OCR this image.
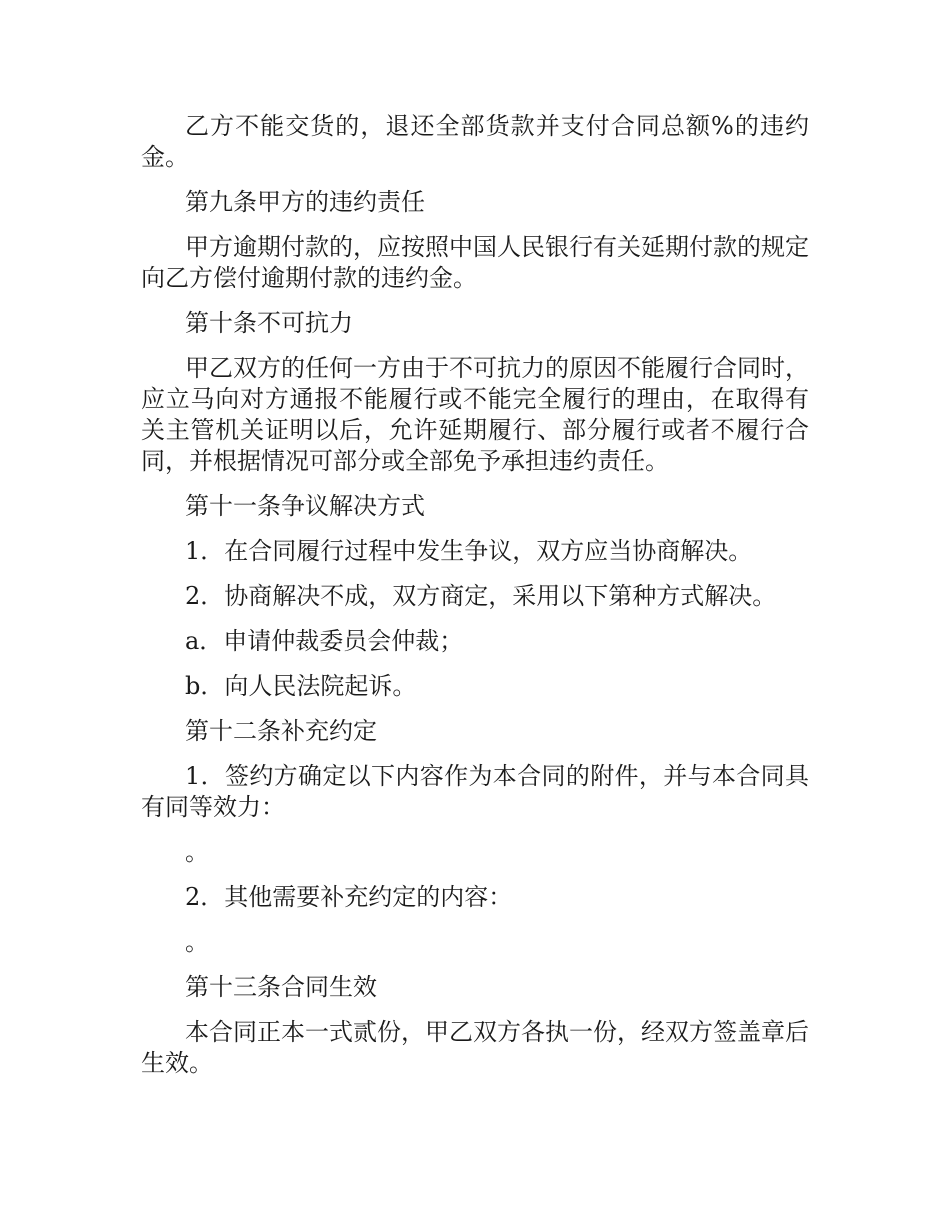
乙方不能交货的，退还全部货款并支付合同总额%的违约金。

第九条甲方的违约责任

甲方逾期付款的，应按照中国人民银行有关延期付款的规定向乙方偿付逾期付款的违约金。

第十条不可抗力

甲乙双方的任何一方由于不可抗力的原因不能履行合同时，应立马向对方通报不能履行或不能完全履行的理由，在取得有关主管机关证明以后，允许延期履行、部分履行或者不履行合同，并根据情况可部分或全部免予承担违约责任。

第十一条争议解决方式

1．在合同履行过程中发生争议，双方应当协商解决。

2．协商解决不成，双方商定，采用以下第种方式解决。

a．申请仲裁委员会仲裁；

b．向人民法院起诉。

第十二条补充约定

1．签约方确定以下内容作为本合同的附件，并与本合同具有同等效力：

。

2．其他需要补充约定的内容：

。

第十三条合同生效

本合同正本一式贰份，甲乙双方各执一份，经双方签盖章后生效。
